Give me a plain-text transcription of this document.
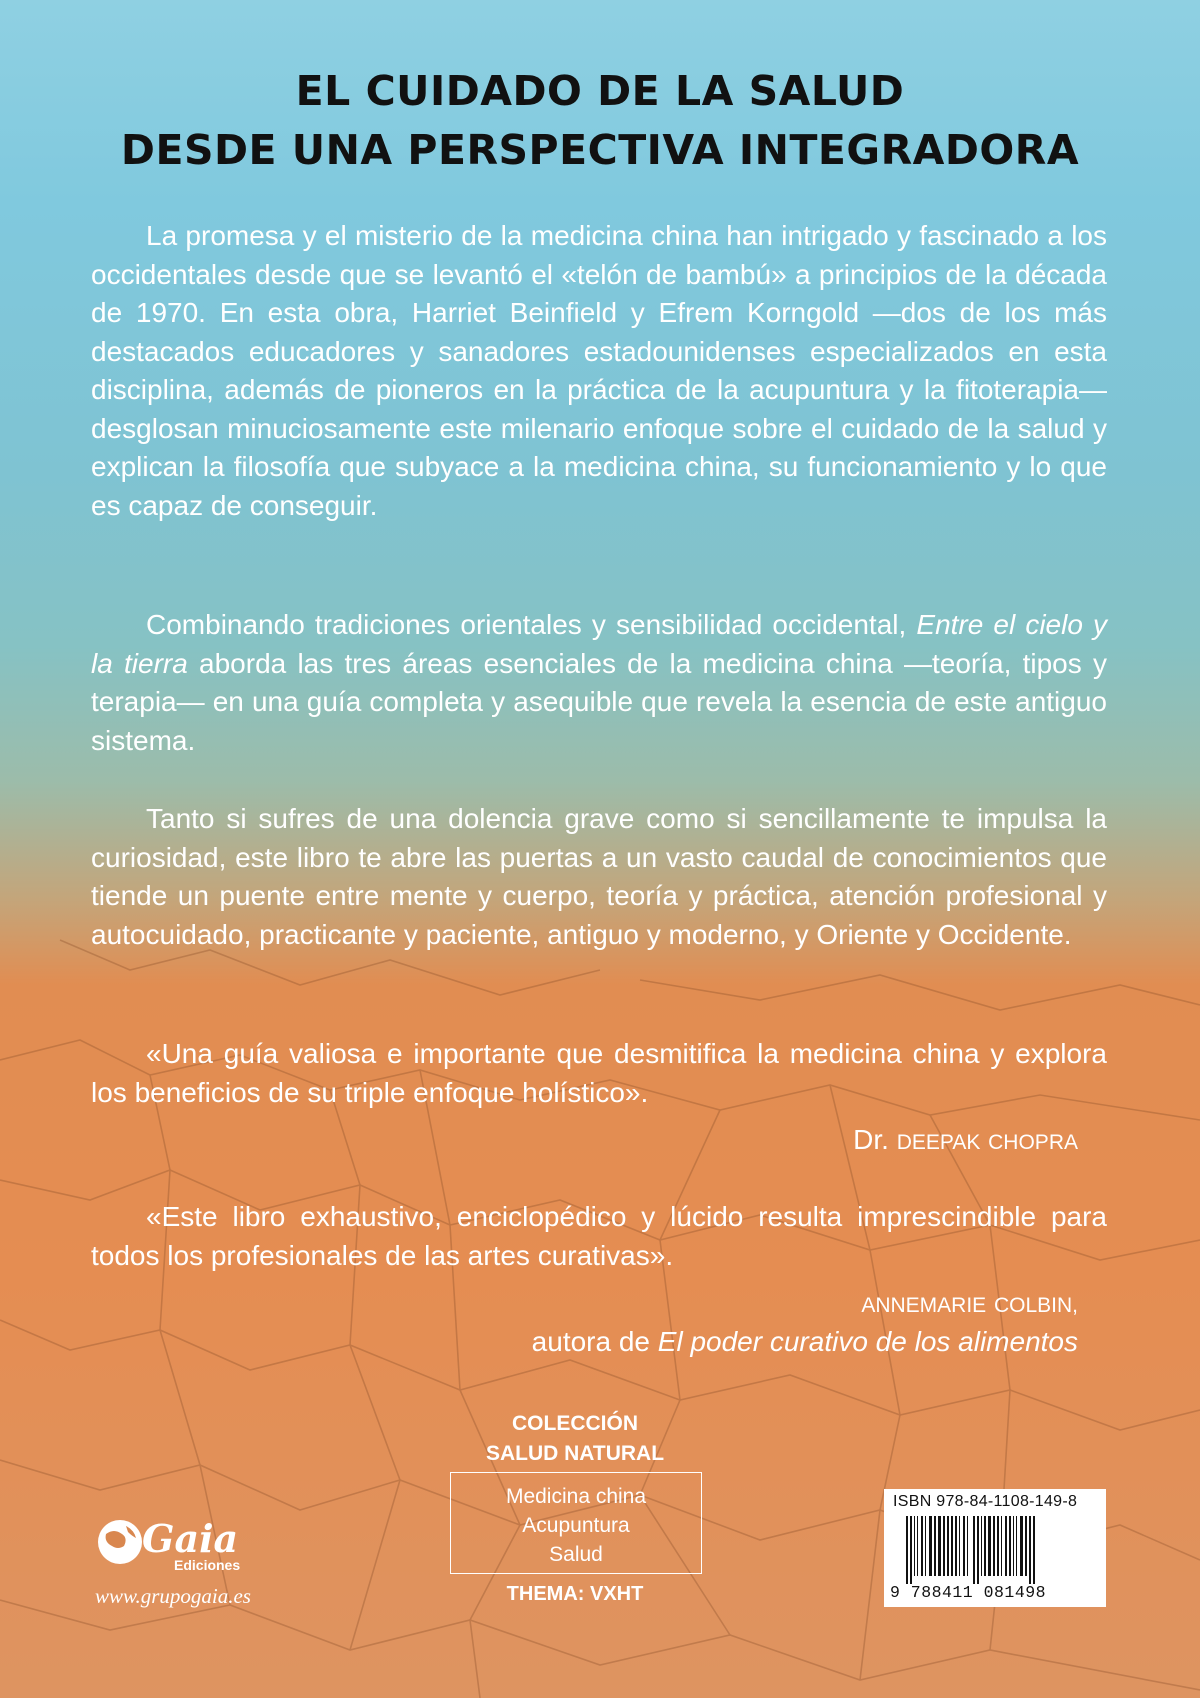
EL CUIDADO DE LA SALUD
DESDE UNA PERSPECTIVA INTEGRADORA

La promesa y el misterio de la medicina china han intrigado y fascinado a los occidentales desde que se levantó el «telón de bambú» a principios de la década de 1970. En esta obra, Harriet Beinfield y Efrem Korngold —dos de los más destacados educadores y sanadores estadounidenses especializados en esta disciplina, además de pioneros en la práctica de la acupuntura y la fitoterapia— desglosan minuciosamente este milenario enfoque sobre el cuidado de la salud y explican la filosofía que subyace a la medicina china, su funcionamiento y lo que es capaz de conseguir.

Combinando tradiciones orientales y sensibilidad occidental, Entre el cielo y la tierra aborda las tres áreas esenciales de la medicina china —teoría, tipos y terapia— en una guía completa y asequible que revela la esencia de este antiguo sistema.

Tanto si sufres de una dolencia grave como si sencillamente te impulsa la curiosidad, este libro te abre las puertas a un vasto caudal de conocimientos que tiende un puente entre mente y cuerpo, teoría y práctica, atención profesional y autocuidado, practicante y paciente, antiguo y moderno, y Oriente y Occidente.

«Una guía valiosa e importante que desmitifica la medicina china y explora los beneficios de su triple enfoque holístico».

Dr. DEEPAK CHOPRA

«Este libro exhaustivo, enciclopédico y lúcido resulta imprescindible para todos los profesionales de las artes curativas».

ANNEMARIE COLBIN,
autora de El poder curativo de los alimentos
COLECCIÓN
SALUD NATURAL
Medicina china
Acupuntura
Salud
THEMA: VXHT
Gaia
Ediciones
www.grupogaia.es
ISBN 978-84-1108-149-8
9 788411 081498
